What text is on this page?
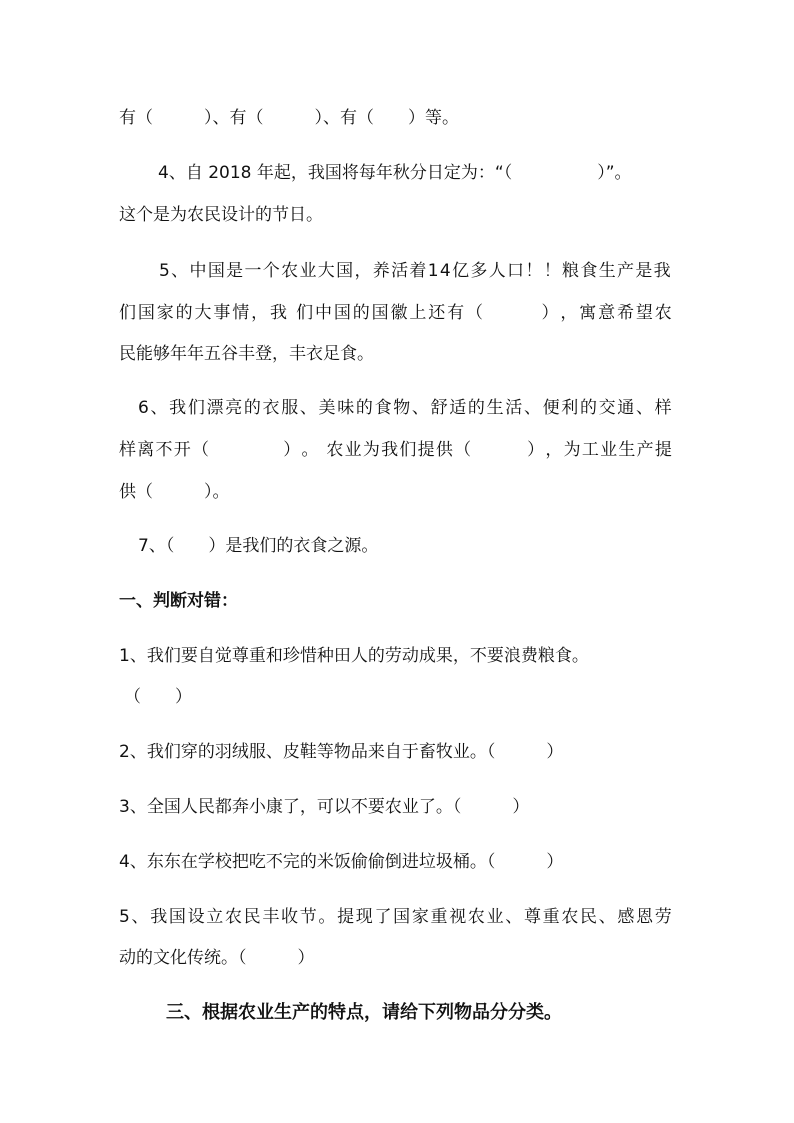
有（　　　）、有（　　　）、有（　　）等。
4、自 2018 年起，我国将每年秋分日定为：“（　　　　　）”。
这个是为农民设计的节日。
5 、 中 国 是 一 个 农 业 大 国 ， 养 活 着 1 4 亿 多 人 口 ！ ！ 粮 食 生 产 是 我
们 国 家 的 大 事 情 ， 我
们 中 国 的 国 徽 上 还 有 （

　	） ， 寓 意 希 望 农
民能够年年五谷丰登，丰衣足食。
6 、 我 们 漂 亮 的 衣 服 、 美 味 的 食 物 、 舒 适 的 生 活 、 便 利 的 交 通 、 样
样 离 不 开 （

　	） 。
农 业 为 我 们 提 供 （

　	） ， 为 工 业 生 产 提
供（　　　）。
7、（　　）是我们的衣食之源。
一、判断对错：
1、我们要自觉尊重和珍惜种田人的劳动成果，不要浪费粮食。
（　　）
2、我们穿的羽绒服、皮鞋等物品来自于畜牧业。（　　　）
3、全国人民都奔小康了，可以不要农业了。（　　　）
4、东东在学校把吃不完的米饭偷偷倒进垃圾桶。（　　　）
5 、 我 国 设 立 农 民 丰 收 节 。 提 现 了 国 家 重 视 农 业 、 尊 重 农 民 、 感 恩 劳
动的文化传统。（　　　）
三、根据农业生产的特点，请给下列物品分分类。
